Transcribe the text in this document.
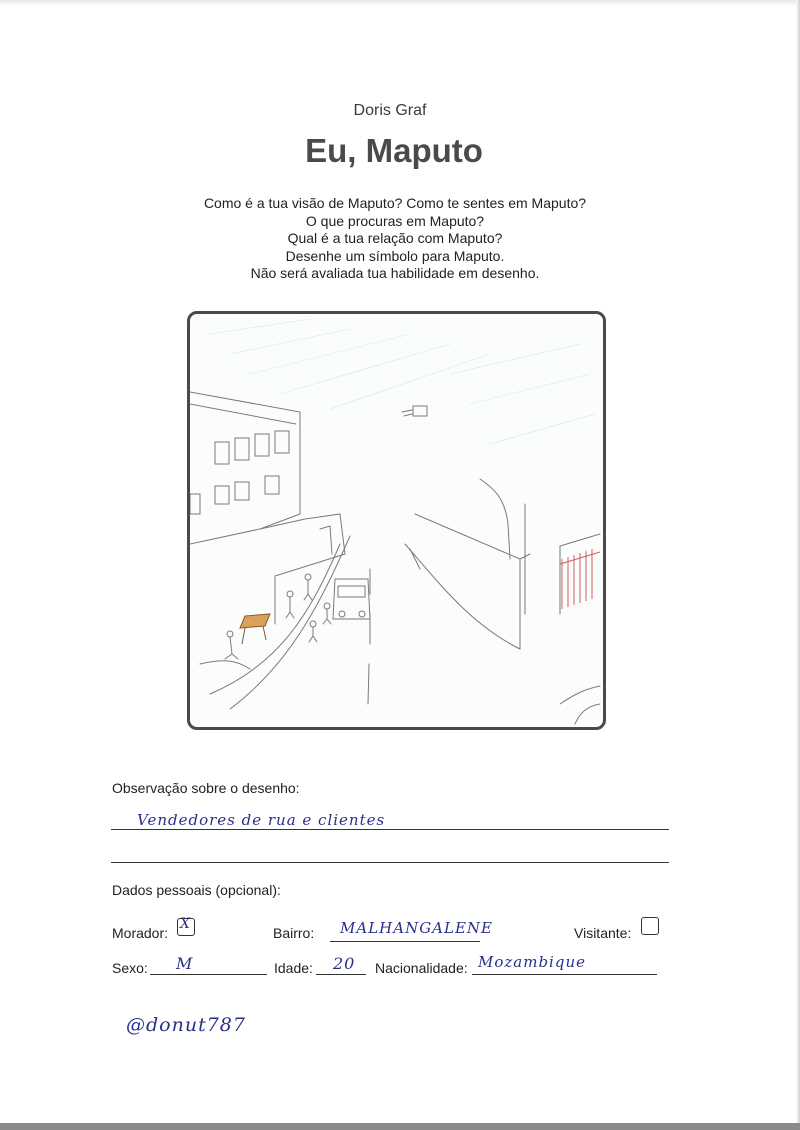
Doris Graf
Eu, Maputo
Como é a tua visão de Maputo? Como te sentes em Maputo?
O que procuras em Maputo?
Qual é a tua relação com Maputo?
Desenhe um símbolo para Maputo.
Não será avaliada tua habilidade em desenho.
Observação sobre o desenho:
Vendedores de rua e clientes
Dados pessoais (opcional):
Morador:
X
Bairro: MALHANGALENE	Visitante:
Sexo: M	Idade: 20 Nacionalidade: Mozambique
@donut787
